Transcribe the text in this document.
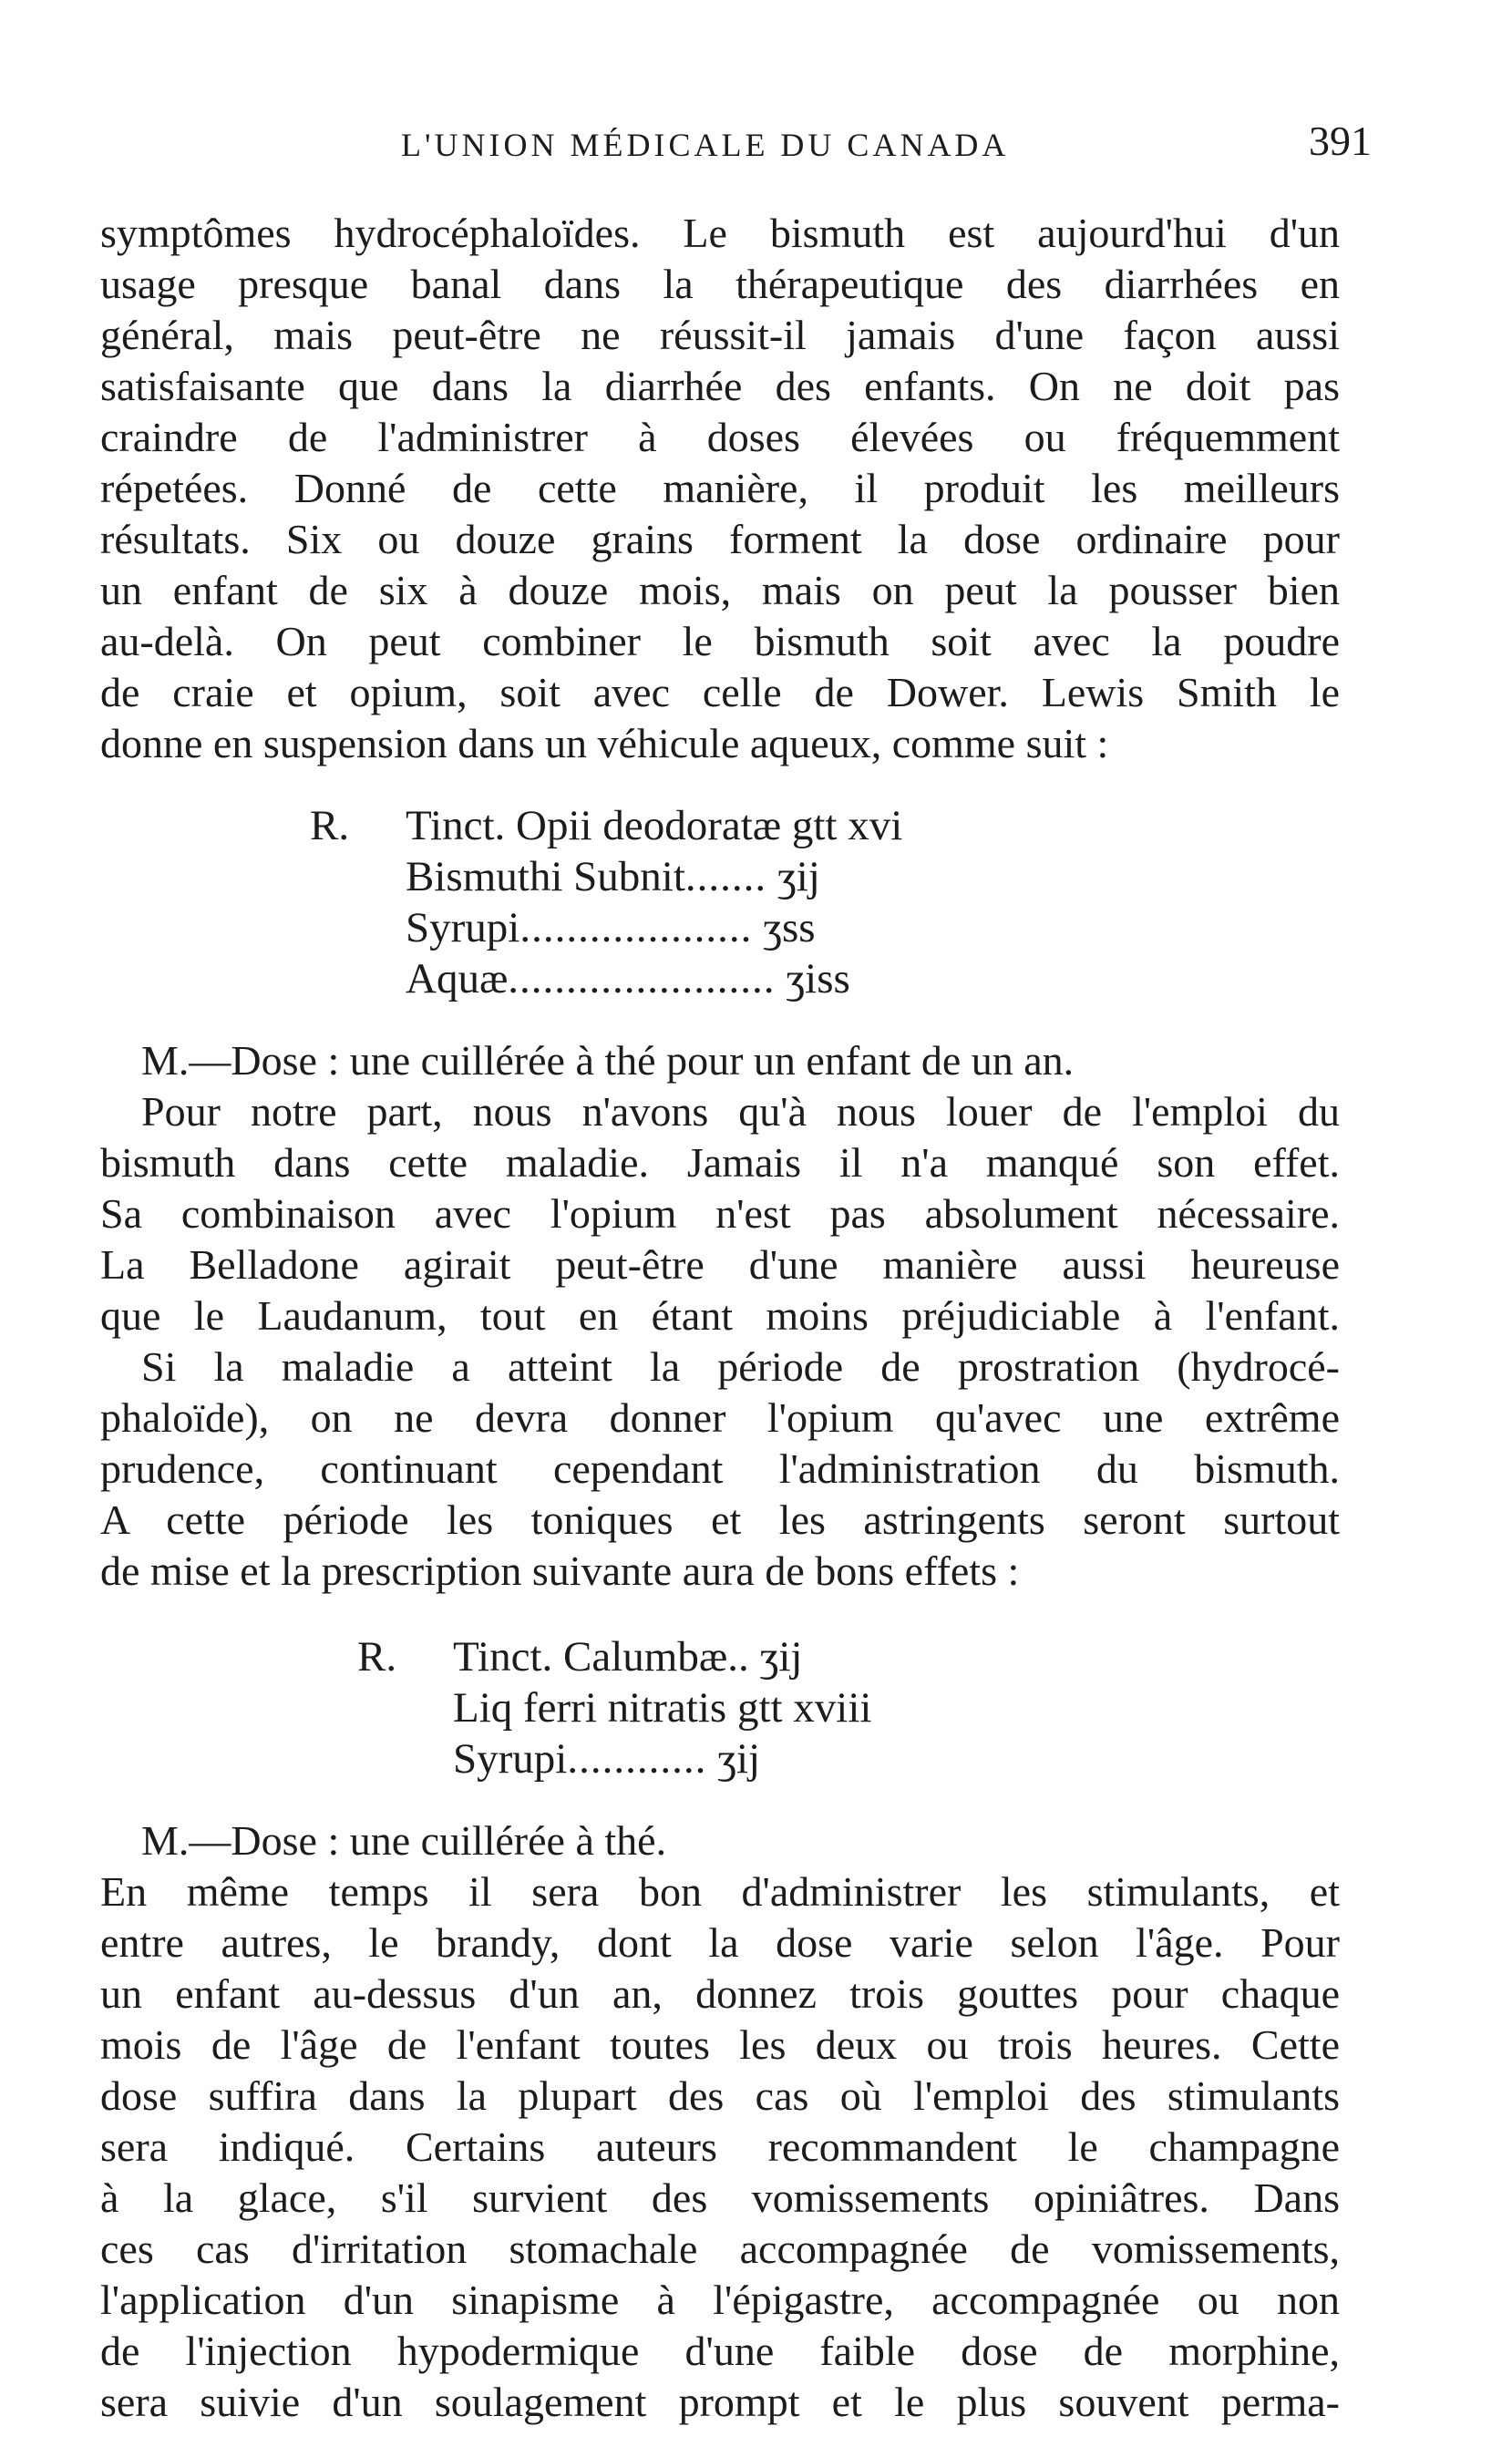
L'UNION MÉDICALE DU CANADA	391
symptômes hydrocéphaloïdes. Le bismuth est aujourd'hui d'un
usage presque banal dans la thérapeutique des diarrhées en
général, mais peut-être ne réussit-il jamais d'une façon aussi
satisfaisante que dans la diarrhée des enfants. On ne doit pas
craindre de l'administrer à doses élevées ou fréquemment
répetées. Donné de cette manière, il produit les meilleurs
résultats. Six ou douze grains forment la dose ordinaire pour
un enfant de six à douze mois, mais on peut la pousser bien
au-delà. On peut combiner le bismuth soit avec la poudre
de craie et opium, soit avec celle de Dower. Lewis Smith le
donne en suspension dans un véhicule aqueux, comme suit :
R. Tinct. Opii deodoratæ gtt xvi
Bismuthi Subnit....... ʒij
Syrupi.................... ʒss
Aquæ....................... ʒiss
M.—Dose : une cuillérée à thé pour un enfant de un an.
Pour notre part, nous n'avons qu'à nous louer de l'emploi du
bismuth dans cette maladie. Jamais il n'a manqué son effet.
Sa combinaison avec l'opium n'est pas absolument nécessaire.
La Belladone agirait peut-être d'une manière aussi heureuse
que le Laudanum, tout en étant moins préjudiciable à l'enfant.
Si la maladie a atteint la période de prostration (hydrocé-
phaloïde), on ne devra donner l'opium qu'avec une extrême
prudence, continuant cependant l'administration du bismuth.
A cette période les toniques et les astringents seront surtout
de mise et la prescription suivante aura de bons effets :
R. Tinct. Calumbæ.. ʒij
Liq ferri nitratis gtt xviii
Syrupi............ ʒij
M.—Dose : une cuillérée à thé.
En même temps il sera bon d'administrer les stimulants, et
entre autres, le brandy, dont la dose varie selon l'âge. Pour
un enfant au-dessus d'un an, donnez trois gouttes pour chaque
mois de l'âge de l'enfant toutes les deux ou trois heures. Cette
dose suffira dans la plupart des cas où l'emploi des stimulants
sera indiqué. Certains auteurs recommandent le champagne
à la glace, s'il survient des vomissements opiniâtres. Dans
ces cas d'irritation stomachale accompagnée de vomissements,
l'application d'un sinapisme à l'épigastre, accompagnée ou non
de l'injection hypodermique d'une faible dose de morphine,
sera suivie d'un soulagement prompt et le plus souvent perma-
